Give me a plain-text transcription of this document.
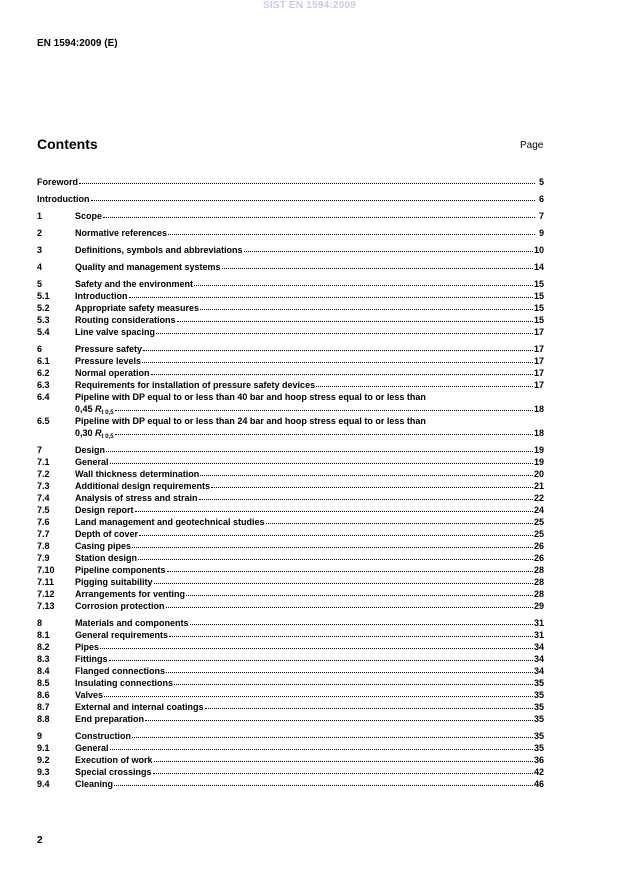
SIST EN 1594:2009
EN 1594:2009 (E)
Contents	Page
Foreword	5
Introduction	6
1	Scope	7
2	Normative references	9
3	Definitions, symbols and abbreviations	10
4	Quality and management systems	14
5	Safety and the environment	15
5.1	Introduction	15
5.2	Appropriate safety measures	15
5.3	Routing considerations	15
5.4	Line valve spacing	17
6	Pressure safety	17
6.1	Pressure levels	17
6.2	Normal operation	17
6.3	Requirements for installation of pressure safety devices	17
6.4	Pipeline with DP equal to or less than 40 bar and hoop stress equal to or less than
0,45 $R_{t 0,5}$	18
6.5	Pipeline with DP equal to or less than 24 bar and hoop stress equal to or less than
0,30 $R_{t 0,5}$	18
7	Design	19
7.1	General	19
7.2	Wall thickness determination	20
7.3	Additional design requirements	21
7.4	Analysis of stress and strain	22
7.5	Design report	24
7.6	Land management and geotechnical studies	25
7.7	Depth of cover	25
7.8	Casing pipes	26
7.9	Station design	26
7.10	Pipeline components	28
7.11	Pigging suitability	28
7.12	Arrangements for venting	28
7.13	Corrosion protection	29
8	Materials and components	31
8.1	General requirements	31
8.2	Pipes	34
8.3	Fittings	34
8.4	Flanged connections	34
8.5	Insulating connections	35
8.6	Valves	35
8.7	External and internal coatings	35
8.8	End preparation	35
9	Construction	35
9.1	General	35
9.2	Execution of work	36
9.3	Special crossings	42
9.4	Cleaning	46
2
